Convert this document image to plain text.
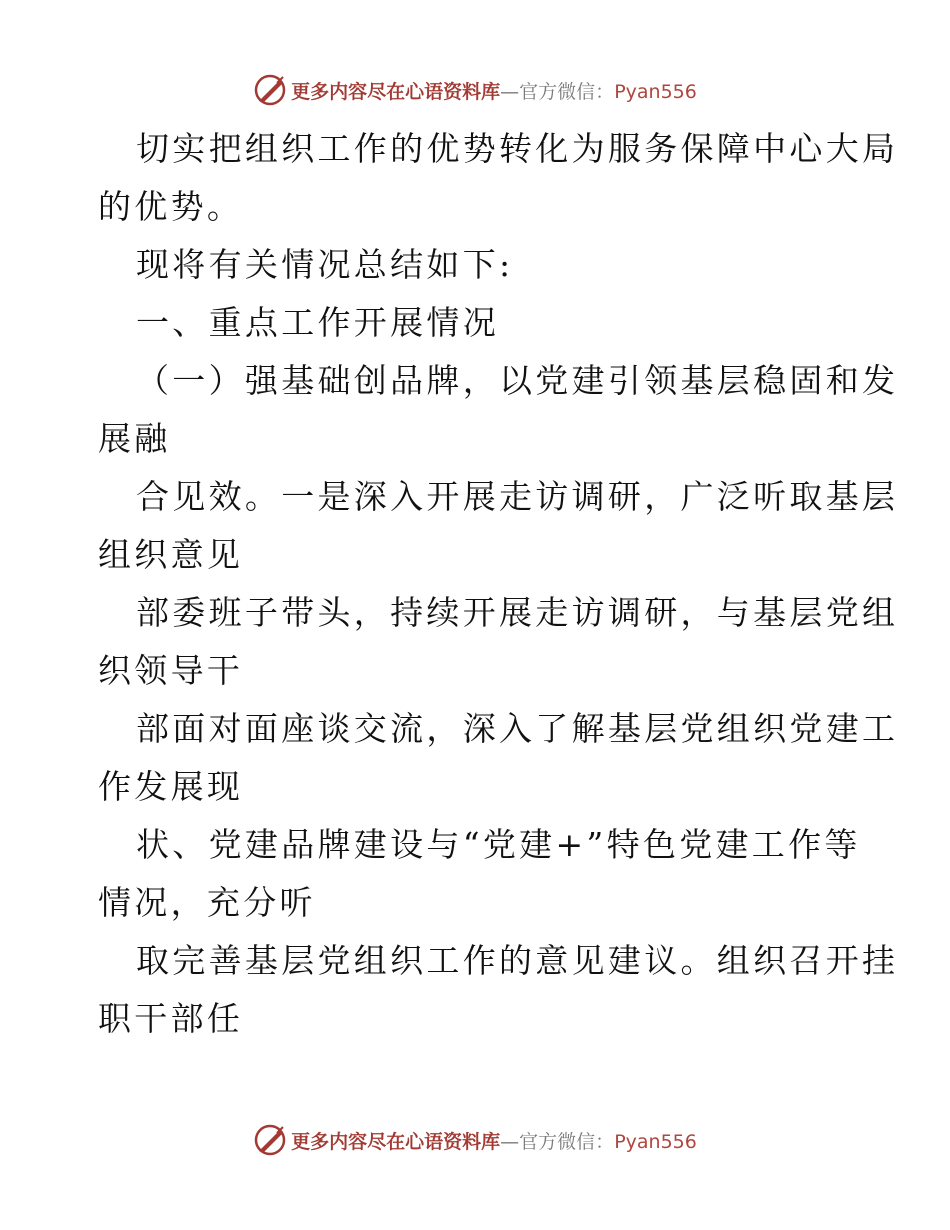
更多内容尽在心语资料库—官方微信：Pyan556
切实把组织工作的优势转化为服务保障中心大局
的优势。
现将有关情况总结如下:
一、重点工作开展情况
（一）强基础创品牌，以党建引领基层稳固和发
展融
合见效。一是深入开展走访调研，广泛听取基层
组织意见
部委班子带头，持续开展走访调研，与基层党组
织领导干
部面对面座谈交流，深入了解基层党组织党建工
作发展现
状、党建品牌建设与“党建+”特色党建工作等
情况，充分听
取完善基层党组织工作的意见建议。组织召开挂
职干部任
更多内容尽在心语资料库—官方微信：Pyan556
